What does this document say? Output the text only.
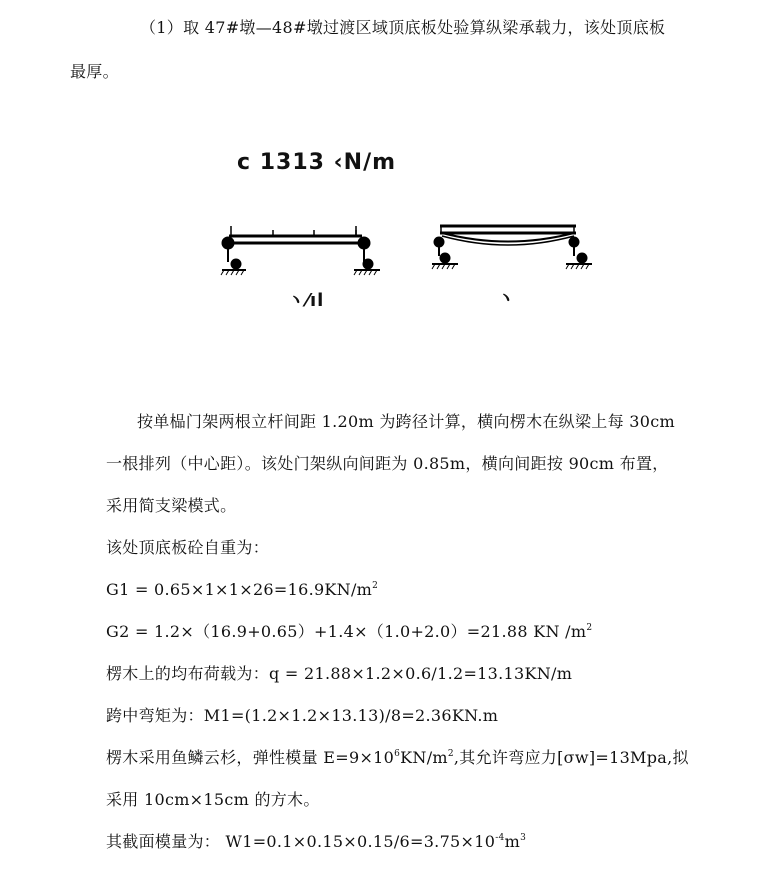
（1）取 47#墩—48#墩过渡区域顶底板处验算纵梁承载力，该处顶底板
最厚。
c 1313 ‹N/m
ヽ⁄ıl	ヽ
按单榀门架两根立杆间距 1.20m 为跨径计算，横向楞木在纵梁上每 30cm
一根排列（中心距）。该处门架纵向间距为 0.85m，横向间距按 90cm 布置，
采用简支梁模式。
该处顶底板砼自重为：
$G1 = 0.65\times 1\times 1\times 26=16.9KN/m^2$
G2 = 1.2×（16.9+0.65）+1.4×（1.0+2.0）=21.88 KN $/m^2$
楞木上的均布荷载为：q = 21.88×1.2×0.6/1.2=13.13KN/m
跨中弯矩为：M1=(1.2×1.2×13.13)/8=2.36KN.m
楞木采用鱼鳞云杉，弹性模量 $E=9\times 10^6KN/m^2$,其允许弯应力[σw]=13Mpa,拟
采用 10cm×15cm 的方木。
其截面模量为： $W1=0.1\times 0.15\times 0.15/6=3.75\times 10^{-4}m^3$
